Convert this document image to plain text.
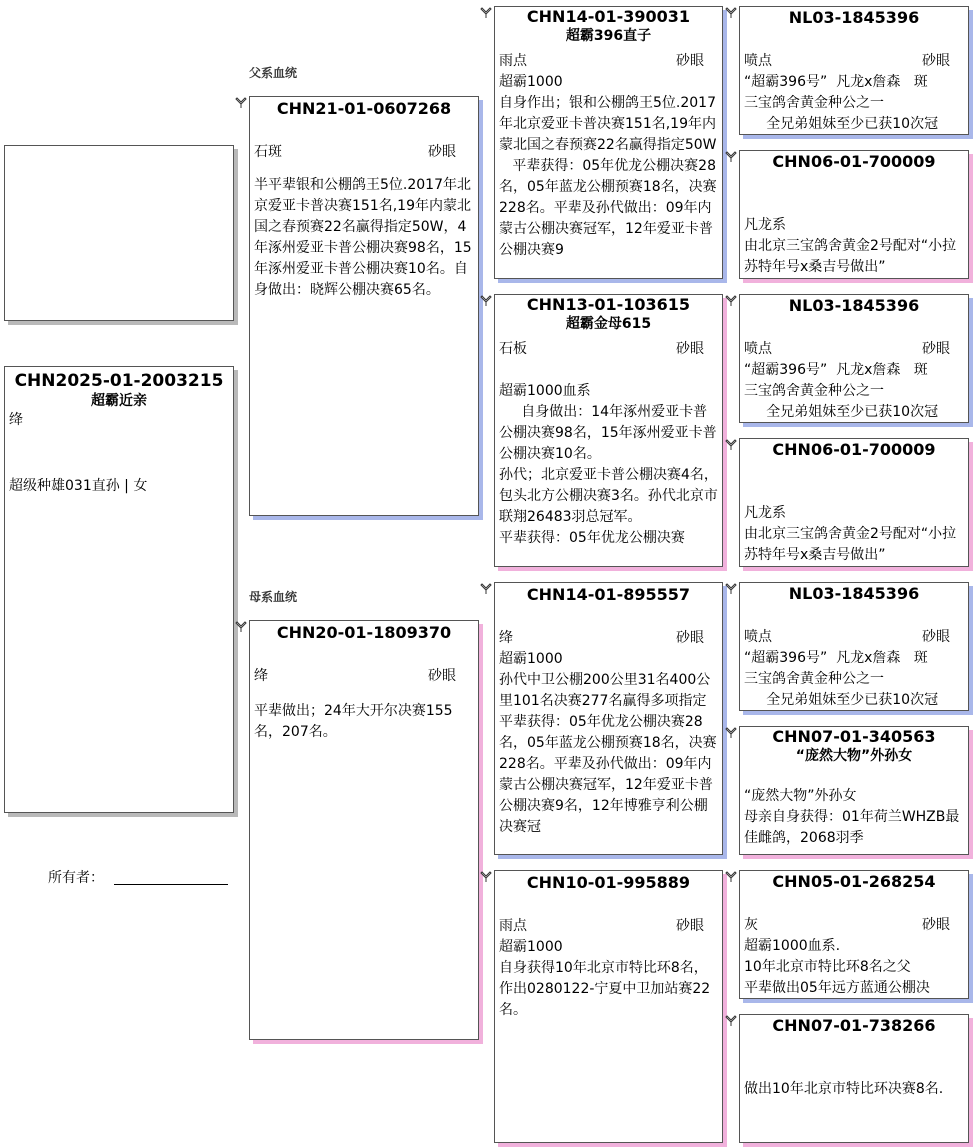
CHN2025-01-2003215
超霸近亲
绛
超级种雄031直孙 | 女
所有者：
父系血统
母系血统
CHN21-01-0607268
石斑	砂眼
半平辈银和公棚鸽王5位.2017年北京爱亚卡普决赛151名,19年内蒙北国之春预赛22名赢得指定50W，4年涿州爱亚卡普公棚决赛98名，15年涿州爱亚卡普公棚决赛10名。自身做出：晓辉公棚决赛65名。
CHN20-01-1809370
绛	砂眼
平辈做出；24年大开尔决赛155名，207名。
CHN14-01-390031
超霸396直子
雨点	砂眼
超霸1000
自身作出；银和公棚鸽王5位.2017年北京爱亚卡普决赛151名,19年内蒙北国之春预赛22名赢得指定50W
平辈获得：05年优龙公棚决赛28名，05年蓝龙公棚预赛18名，决赛228名。平辈及孙代做出：09年内蒙古公棚决赛冠军，12年爱亚卡普公棚决赛9
CHN13-01-103615
超霸金母615
石板	砂眼

超霸1000血系
自身做出：14年涿州爱亚卡普公棚决赛98名，15年涿州爱亚卡普公棚决赛10名。
孙代；北京爱亚卡普公棚决赛4名，包头北方公棚决赛3名。孙代北京市联翔26483羽总冠军。
平辈获得：05年优龙公棚决赛
CHN14-01-895557
绛	砂眼
超霸1000
孙代中卫公棚200公里31名400公里101名决赛277名赢得多项指定
平辈获得：05年优龙公棚决赛28名，05年蓝龙公棚预赛18名，决赛228名。平辈及孙代做出：09年内蒙古公棚决赛冠军，12年爱亚卡普公棚决赛9名，12年博雅亨利公棚决赛冠
CHN10-01-995889
雨点	砂眼
超霸1000
自身获得10年北京市特比环8名，作出0280122-宁夏中卫加站赛22名。
NL03-1845396
喷点	砂眼
“超霸396号”  凡龙x詹森   斑
三宝鸽舍黄金种公之一
全兄弟姐妹至少已获10次冠
CHN06-01-700009

凡龙系
由北京三宝鸽舍黄金2号配对“小拉苏特年号x桑吉号做出”
NL03-1845396
喷点	砂眼
“超霸396号”  凡龙x詹森   斑
三宝鸽舍黄金种公之一
全兄弟姐妹至少已获10次冠
CHN06-01-700009

凡龙系
由北京三宝鸽舍黄金2号配对“小拉苏特年号x桑吉号做出”
NL03-1845396
喷点	砂眼
“超霸396号”  凡龙x詹森   斑
三宝鸽舍黄金种公之一
全兄弟姐妹至少已获10次冠
CHN07-01-340563
“庞然大物”外孙女

“庞然大物”外孙女
母亲自身获得：01年荷兰WHZB最佳雌鸽，2068羽季
CHN05-01-268254
灰	砂眼
超霸1000血系.
10年北京市特比环8名之父
平辈做出05年远方蓝通公棚决
CHN07-01-738266

做出10年北京市特比环决赛8名.
